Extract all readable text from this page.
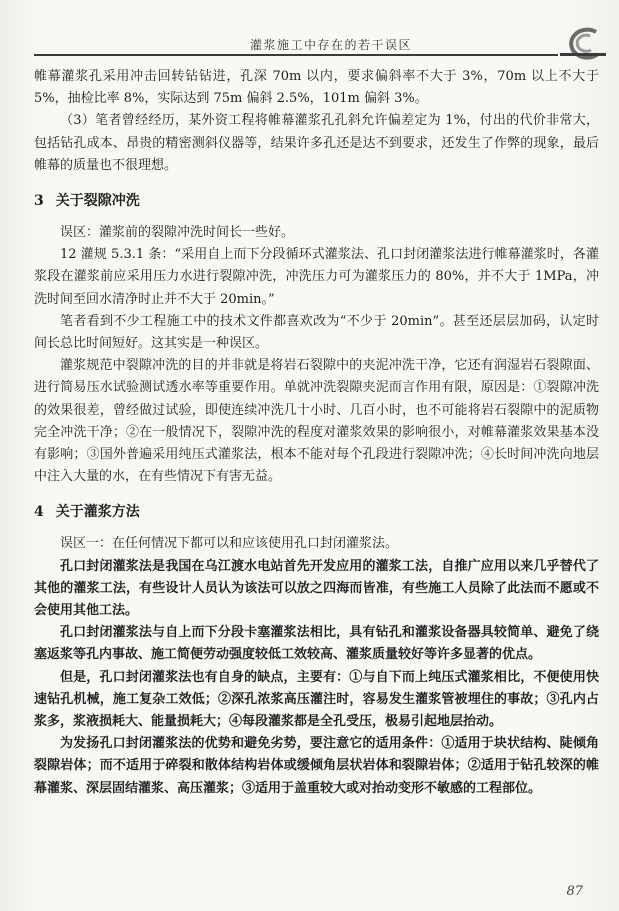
灌浆施工中存在的若干误区

帷幕灌浆孔采用冲击回转钻钻进，孔深 70m 以内，要求偏斜率不大于 3%，70m 以上不大于 5%，抽检比率 8%，实际达到 75m 偏斜 2.5%，101m 偏斜 3%。

（3）笔者曾经经历，某外资工程将帷幕灌浆孔孔斜允许偏差定为 1%，付出的代价非常大，包括钻孔成本、昂贵的精密测斜仪器等，结果许多孔还是达不到要求，还发生了作弊的现象，最后帷幕的质量也不很理想。

3 关于裂隙冲洗

误区：灌浆前的裂隙冲洗时间长一些好。

12 灌规 5.3.1 条：“采用自上而下分段循环式灌浆法、孔口封闭灌浆法进行帷幕灌浆时，各灌浆段在灌浆前应采用压力水进行裂隙冲洗，冲洗压力可为灌浆压力的 80%，并不大于 1MPa，冲洗时间至回水清净时止并不大于 20min。”

笔者看到不少工程施工中的技术文件都喜欢改为“不少于 20min”。甚至还层层加码，认定时间长总比时间短好。这其实是一种误区。

灌浆规范中裂隙冲洗的目的并非就是将岩石裂隙中的夹泥冲洗干净，它还有润湿岩石裂隙面、进行简易压水试验测试透水率等重要作用。单就冲洗裂隙夹泥而言作用有限，原因是：①裂隙冲洗的效果很差，曾经做过试验，即使连续冲洗几十小时、几百小时，也不可能将岩石裂隙中的泥质物完全冲洗干净；②在一般情况下，裂隙冲洗的程度对灌浆效果的影响很小，对帷幕灌浆效果基本没有影响；③国外普遍采用纯压式灌浆法，根本不能对每个孔段进行裂隙冲洗；④长时间冲洗向地层中注入大量的水，在有些情况下有害无益。

4 关于灌浆方法

误区一：在任何情况下都可以和应该使用孔口封闭灌浆法。

孔口封闭灌浆法是我国在乌江渡水电站首先开发应用的灌浆工法，自推广应用以来几乎替代了其他的灌浆工法，有些设计人员认为该法可以放之四海而皆准，有些施工人员除了此法而不愿或不会使用其他工法。

孔口封闭灌浆法与自上而下分段卡塞灌浆法相比，具有钻孔和灌浆设备器具较简单、避免了绕塞返浆等孔内事故、施工简便劳动强度较低工效较高、灌浆质量较好等许多显著的优点。

但是，孔口封闭灌浆法也有自身的缺点，主要有：①与自下而上纯压式灌浆相比，不便使用快速钻孔机械，施工复杂工效低；②深孔浓浆高压灌注时，容易发生灌浆管被埋住的事故；③孔内占浆多，浆液损耗大、能量损耗大；④每段灌浆都是全孔受压，极易引起地层抬动。

为发扬孔口封闭灌浆法的优势和避免劣势，要注意它的适用条件：①适用于块状结构、陡倾角裂隙岩体；而不适用于碎裂和散体结构岩体或缓倾角层状岩体和裂隙岩体；②适用于钻孔较深的帷幕灌浆、深层固结灌浆、高压灌浆；③适用于盖重较大或对抬动变形不敏感的工程部位。

87
